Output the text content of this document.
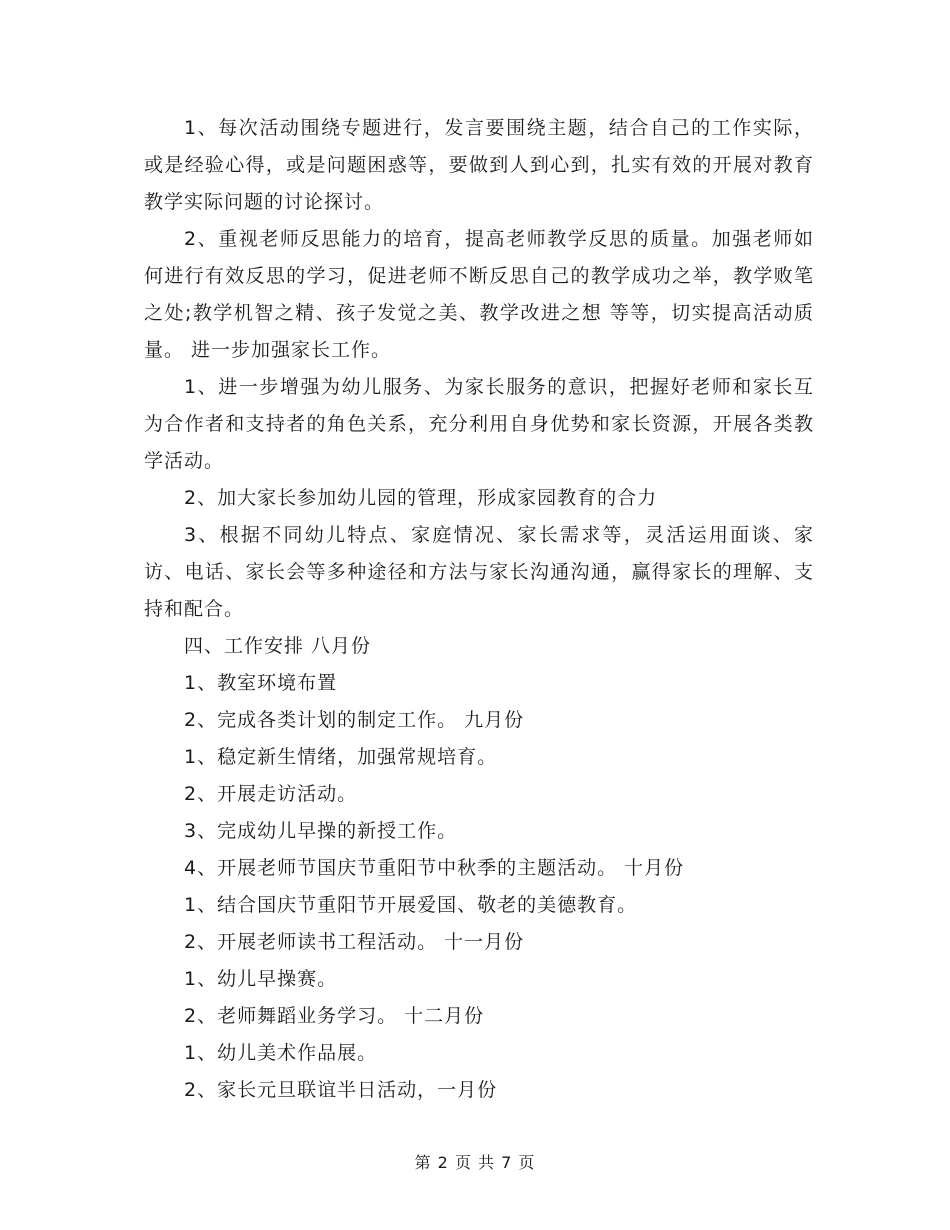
1、每次活动围绕专题进行，发言要围绕主题，结合自己的工作实际，或是经验心得，或是问题困惑等，要做到人到心到，扎实有效的开展对教育教学实际问题的讨论探讨。

2、重视老师反思能力的培育，提高老师教学反思的质量。加强老师如何进行有效反思的学习，促进老师不断反思自己的教学成功之举，教学败笔之处;教学机智之精、孩子发觉之美、教学改进之想 等等，切实提高活动质量。 进一步加强家长工作。

1、进一步增强为幼儿服务、为家长服务的意识，把握好老师和家长互为合作者和支持者的角色关系，充分利用自身优势和家长资源，开展各类教学活动。

2、加大家长参加幼儿园的管理，形成家园教育的合力

3、根据不同幼儿特点、家庭情况、家长需求等，灵活运用面谈、家访、电话、家长会等多种途径和方法与家长沟通沟通，赢得家长的理解、支持和配合。

四、工作安排 八月份

1、教室环境布置

2、完成各类计划的制定工作。 九月份

1、稳定新生情绪，加强常规培育。

2、开展走访活动。

3、完成幼儿早操的新授工作。

4、开展老师节国庆节重阳节中秋季的主题活动。 十月份

1、结合国庆节重阳节开展爱国、敬老的美德教育。

2、开展老师读书工程活动。 十一月份

1、幼儿早操赛。

2、老师舞蹈业务学习。 十二月份

1、幼儿美术作品展。

2、家长元旦联谊半日活动，一月份

第 2 页 共 7 页
